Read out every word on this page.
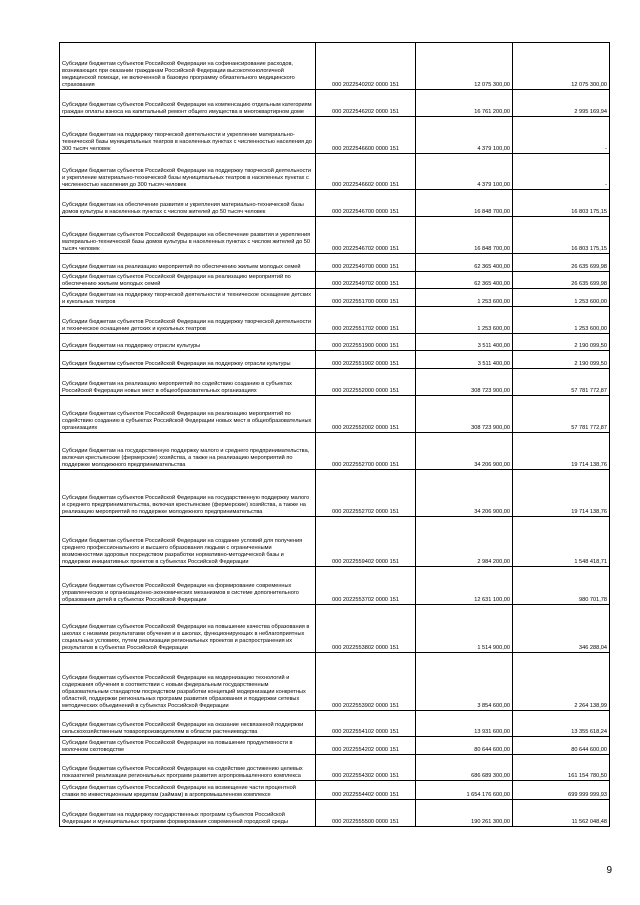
Субсидии бюджетам субъектов Российской Федерации на софинансирование расходов, возникающих при оказании гражданам Российской Федерации высокотехнологичной медицинской помощи, не включенной в базовую программу обязательного медицинского страхования	000 2022540202 0000 151	12 075 300,00	12 075 300,00
Субсидии бюджетам субъектов Российской Федерации на компенсацию отдельным категориям граждан оплаты взноса на капитальный ремонт общего имущества в многоквартирном доме	000 2022546202 0000 151	16 761 200,00	2 995 169,94
Субсидии бюджетам на поддержку творческой деятельности и укрепление материально-технической базы муниципальных театров в населенных пунктах с численностью населения до 300 тысяч человек	000 2022546600 0000 151	4 379 100,00	-
Субсидии бюджетам субъектов Российской Федерации на поддержку творческой деятельности и укрепление материально-технической базы муниципальных театров в населенных пунктах с численностью населения до 300 тысяч человек	000 2022546602 0000 151	4 379 100,00	-
Субсидии бюджетам на обеспечение развития и укрепления материально-технической базы домов культуры в населенных пунктах с числом жителей до 50 тысяч человек	000 2022546700 0000 151	16 848 700,00	16 803 175,15
Субсидии бюджетам субъектов Российской Федерации на обеспечение развития и укрепления материально-технической базы домов культуры в населенных пунктах с числом жителей до 50 тысяч человек	000 2022546702 0000 151	16 848 700,00	16 803 175,15
Субсидии бюджетам на реализацию мероприятий по обеспечению жильем молодых семей	000 2022549700 0000 151	62 365 400,00	26 635 699,98
Субсидии бюджетам субъектов Российской Федерации на реализацию мероприятий по обеспечению жильем молодых семей	000 2022549702 0000 151	62 365 400,00	26 635 699,98
Субсидии бюджетам на поддержку творческой деятельности и техническое оснащение детских и кукольных театров	000 2022551700 0000 151	1 253 600,00	1 253 600,00
Субсидии бюджетам субъектов Российской Федерации на поддержку творческой деятельности и техническое оснащение детских и кукольных театров	000 2022551702 0000 151	1 253 600,00	1 253 600,00
Субсидия бюджетам на поддержку отрасли культуры	000 2022551900 0000 151	3 511 400,00	2 190 099,50
Субсидия бюджетам субъектов Российской Федерации на поддержку отрасли культуры	000 2022551902 0000 151	3 511 400,00	2 190 099,50
Субсидии бюджетам на реализацию мероприятий по содействию созданию в субъектах Российской Федерации новых мест в общеобразовательных организациях	000 2022552000 0000 151	308 723 900,00	57 781 772,87
Субсидии бюджетам субъектов Российской Федерации на реализацию мероприятий по содействию созданию в субъектах Российской Федерации новых мест в общеобразовательных организациях	000 2022552002 0000 151	308 723 900,00	57 781 772,87
Субсидии бюджетам на государственную поддержку малого и среднего предпринимательства, включая крестьянские (фермерские) хозяйства, а также на реализацию мероприятий по поддержке молодежного предпринимательства	000 2022552700 0000 151	34 206 900,00	19 714 138,76
Субсидии бюджетам субъектов Российской Федерации на государственную поддержку малого и среднего предпринимательства, включая крестьянские (фермерские) хозяйства, а также на реализацию мероприятий по поддержке молодежного предпринимательства	000 2022552702 0000 151	34 206 900,00	19 714 138,76
Субсидии бюджетам субъектов Российской Федерации на создание условий для получения среднего профессионального и высшего образования людьми с ограниченными возможностями здоровья посредством разработки нормативно-методической базы и поддержки инициативных проектов в субъектах Российской Федерации	000 2022559402 0000 151	2 984 200,00	1 548 418,71
Субсидии бюджетам субъектов Российской Федерации на формирование современных управленческих и организационно-экономических механизмов в системе дополнительного образования детей в субъектах Российской Федерации	000 2022553702 0000 151	12 631 100,00	980 701,78
Субсидии бюджетам субъектов Российской Федерации на повышение качества образования в школах с низкими результатами обучения и в школах, функционирующих в неблагоприятных социальных условиях, путем реализации региональных проектов и распространения их результатов в субъектах Российской Федерации	000 2022553802 0000 151	1 514 900,00	346 288,04
Субсидии бюджетам субъектов Российской Федерации на модернизацию технологий и содержания обучения в соответствии с новым федеральным государственным образовательным стандартом посредством разработки концепций модернизации конкретных областей, поддержки региональных программ развития образования и поддержки сетевых методических объединений в субъектах Российской Федерации	000 2022553902 0000 151	3 854 600,00	2 264 138,99
Субсидии бюджетам субъектов Российской Федерации на оказание несвязанной поддержки сельскохозяйственным товаропроизводителям в области растениеводства	000 2022554102 0000 151	13 931 600,00	13 355 618,24
Субсидии бюджетам субъектов Российской Федерации на повышение продуктивности в молочном скотоводстве	000 2022554202 0000 151	80 644 600,00	80 644 600,00
Субсидии бюджетам субъектов Российской Федерации на содействие достижению целевых показателей реализации региональных программ развития агропромышленного комплекса	000 2022554302 0000 151	686 689 300,00	161 154 780,50
Субсидии бюджетам субъектов Российской Федерации на возмещение части процентной ставки по инвестиционным кредитам (займам) в агропромышленном комплексе	000 2022554402 0000 151	1 654 176 600,00	699 999 999,93
Субсидии бюджетам на поддержку государственных программ субъектов Российской Федерации и муниципальных программ формирования современной городской среды	000 2022555500 0000 151	190 261 300,00	11 562 048,48
9
